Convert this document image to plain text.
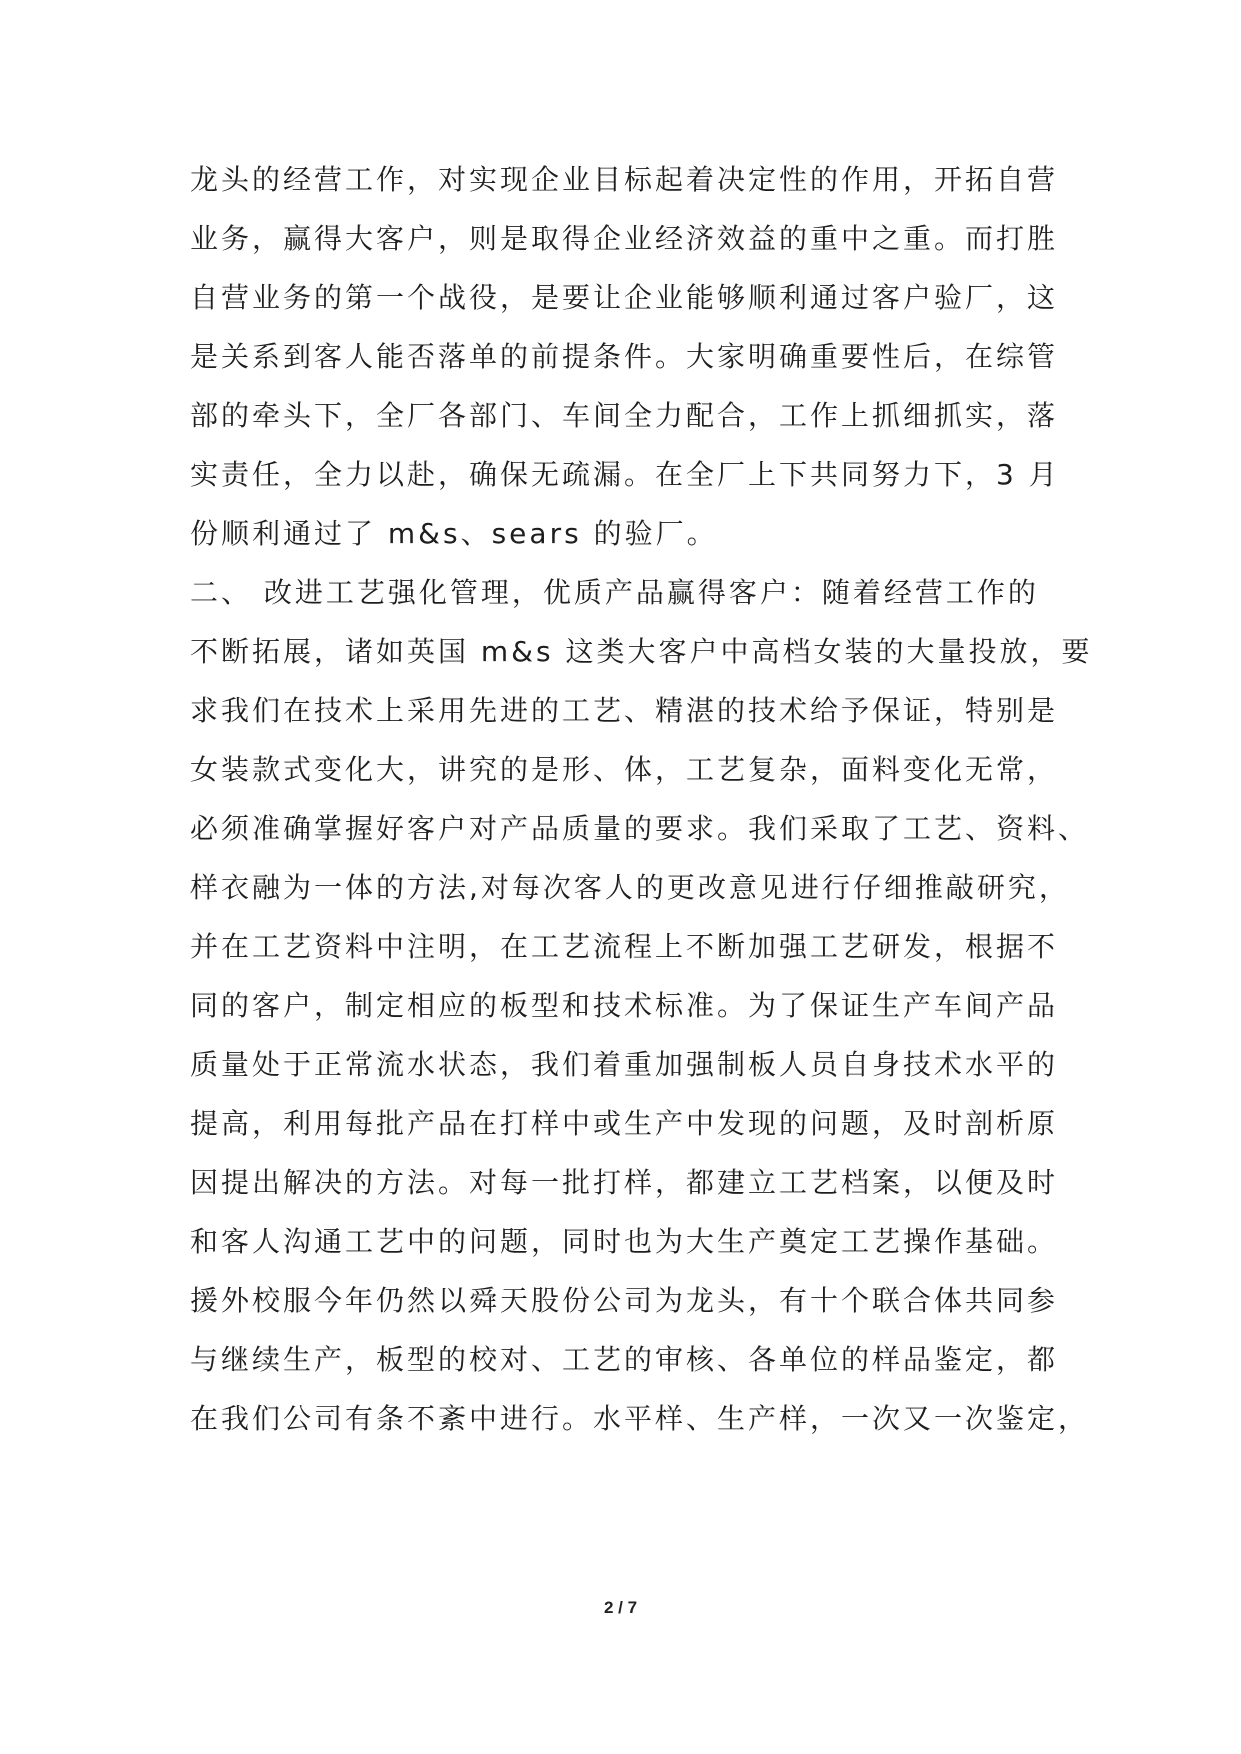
龙头的经营工作，对实现企业目标起着决定性的作用，开拓自营
业务，赢得大客户，则是取得企业经济效益的重中之重。而打胜
自营业务的第一个战役，是要让企业能够顺利通过客户验厂，这
是关系到客人能否落单的前提条件。大家明确重要性后，在综管
部的牵头下，全厂各部门、车间全力配合，工作上抓细抓实，落
实责任，全力以赴，确保无疏漏。在全厂上下共同努力下，3 月
份顺利通过了 m&s、sears 的验厂。
二、 改进工艺强化管理，优质产品赢得客户：随着经营工作的
不断拓展，诸如英国 m&s 这类大客户中高档女装的大量投放，要
求我们在技术上采用先进的工艺、精湛的技术给予保证，特别是
女装款式变化大，讲究的是形、体，工艺复杂，面料变化无常，
必须准确掌握好客户对产品质量的要求。我们采取了工艺、资料、
样衣融为一体的方法,对每次客人的更改意见进行仔细推敲研究，
并在工艺资料中注明，在工艺流程上不断加强工艺研发，根据不
同的客户，制定相应的板型和技术标准。为了保证生产车间产品
质量处于正常流水状态，我们着重加强制板人员自身技术水平的
提高，利用每批产品在打样中或生产中发现的问题，及时剖析原
因提出解决的方法。对每一批打样，都建立工艺档案，以便及时
和客人沟通工艺中的问题，同时也为大生产奠定工艺操作基础。
援外校服今年仍然以舜天股份公司为龙头，有十个联合体共同参
与继续生产，板型的校对、工艺的审核、各单位的样品鉴定，都
在我们公司有条不紊中进行。水平样、生产样，一次又一次鉴定，
2 / 7
